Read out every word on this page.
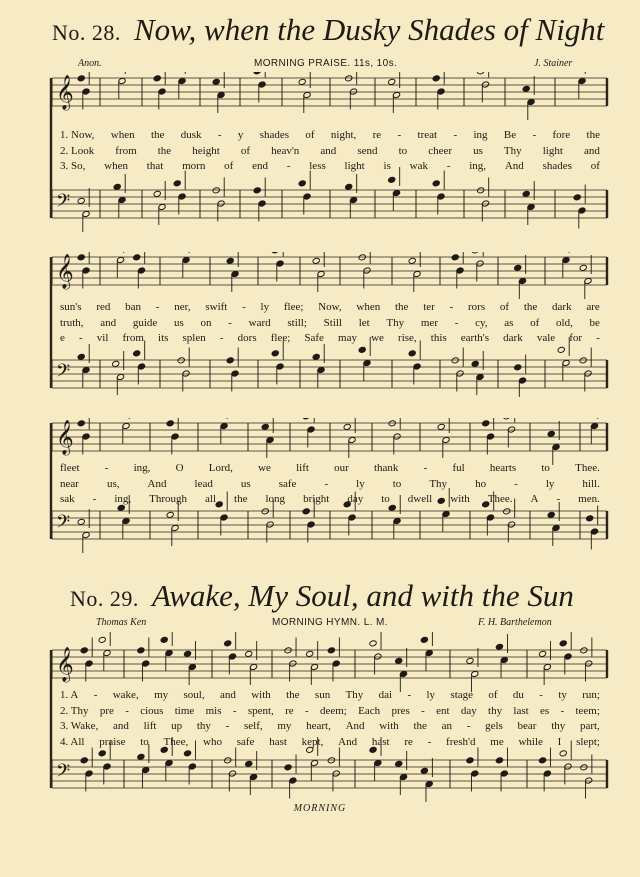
No. 28. Now, when the Dusky Shades of Night
Anon.	MORNING PRAISE. 11s, 10s.	J. Stainer
𝄞
𝄢
1. Now, when the dusk - y shades of night, re - treat - ing Be - fore the
2. Look from the height of heav'n and send to cheer us Thy light and
3. So, when that morn of end - less light is wak - ing, And shades of
𝄞
𝄢
sun's red ban - ner, swift - ly flee; Now, when the ter - rors of the dark are
truth, and guide us on - ward still; Still let Thy mer - cy, as of old, be
e - vil from its splen - dors flee; Safe may we rise, this earth's dark vale for -
𝄞
𝄢
fleet - ing, O Lord, we lift our thank - ful hearts to Thee.
near	us,	And	lead	us	safe	-	ly	to	Thy	ho	-	ly	hill.
sak - ing, Through all the long bright day to dwell with Thee. A - men.
No. 29. Awake, My Soul, and with the Sun
Thomas Ken	MORNING HYMN. L. M.	F. H. Barthelemon
𝄞
𝄢
1. A - wake, my soul, and with the sun Thy dai - ly stage of du - ty run;
2. Thy pre - cious time mis - spent, re - deem; Each pres - ent day thy last es - teem;
3. Wake, and lift up thy - self, my heart, And with the an - gels bear thy part,
4. All praise to Thee, who safe hast kept, And hast re - fresh'd me while I slept;
MORNING
